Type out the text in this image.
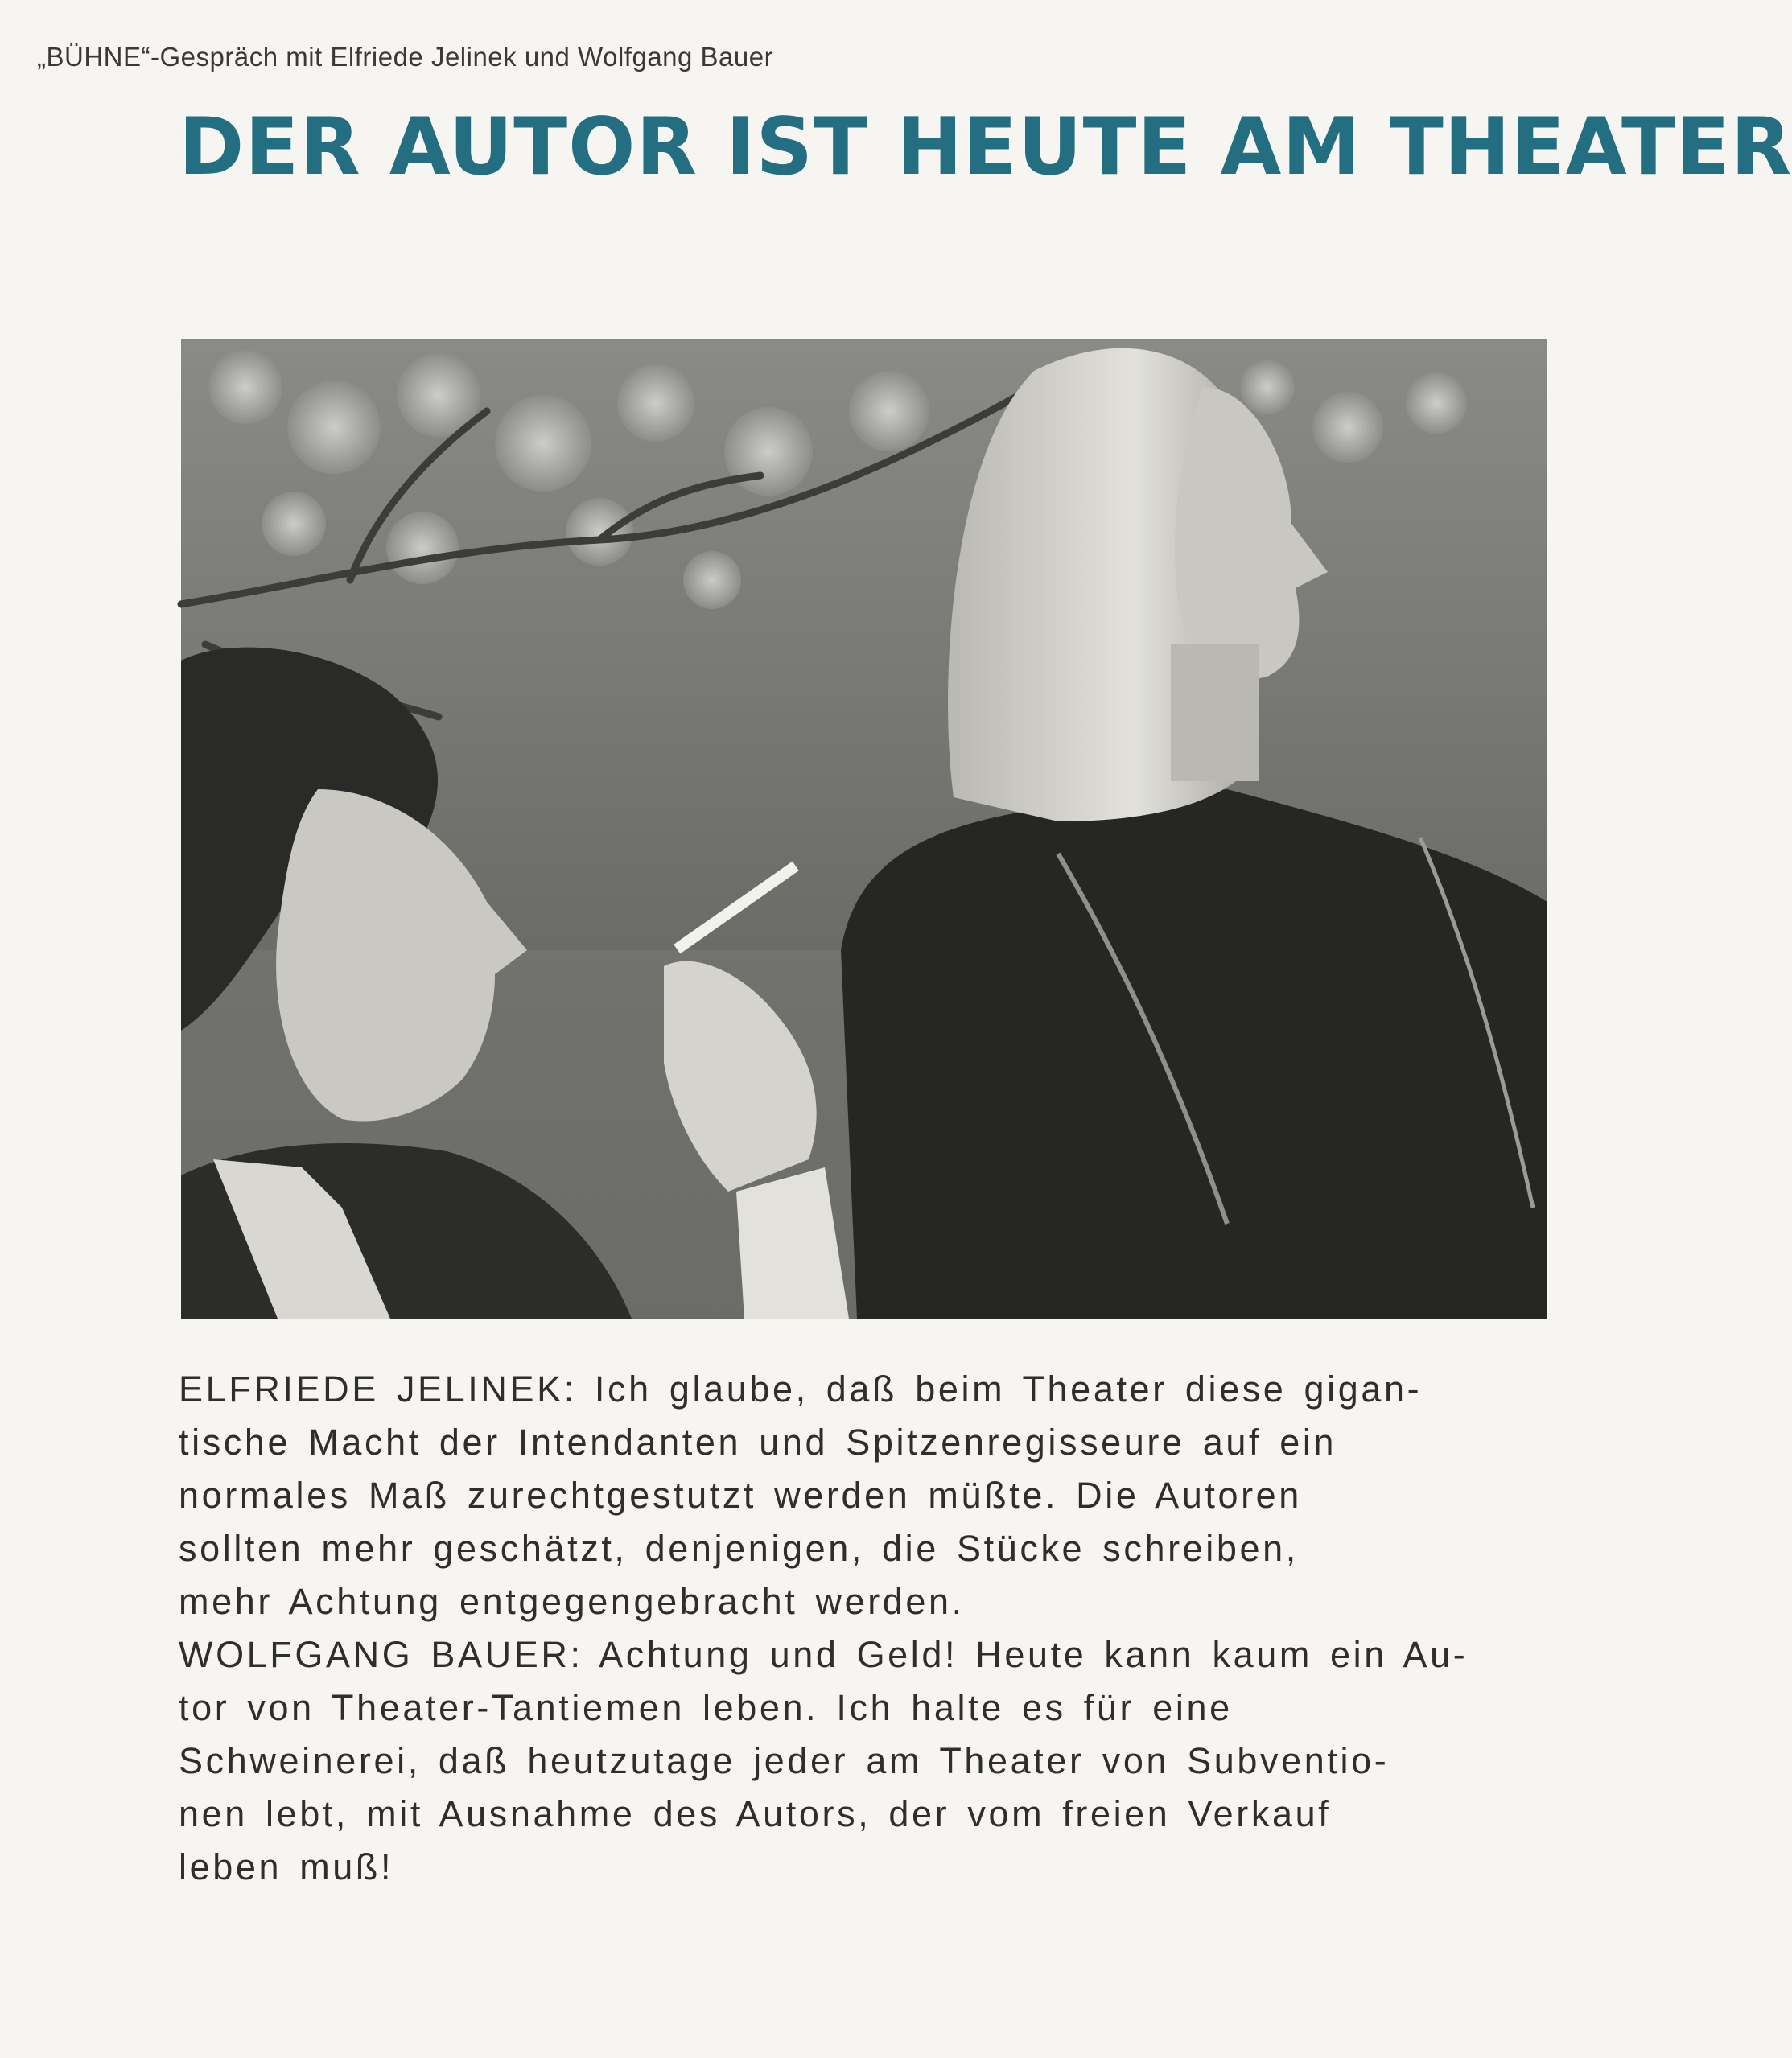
„BÜHNE“-Gespräch mit Elfriede Jelinek und Wolfgang Bauer
DER AUTOR IST HEUTE AM THEATER
ELFRIEDE JELINEK: Ich glaube, daß beim Theater diese gigan-
tische Macht der Intendanten und Spitzenregisseure auf ein
normales Maß zurechtgestutzt werden müßte. Die Autoren
sollten mehr geschätzt, denjenigen, die Stücke schreiben,
mehr Achtung entgegengebracht werden.
WOLFGANG BAUER: Achtung und Geld! Heute kann kaum ein Au-
tor von Theater-Tantiemen leben. Ich halte es für eine
Schweinerei, daß heutzutage jeder am Theater von Subventio-
nen lebt, mit Ausnahme des Autors, der vom freien Verkauf
leben muß!
